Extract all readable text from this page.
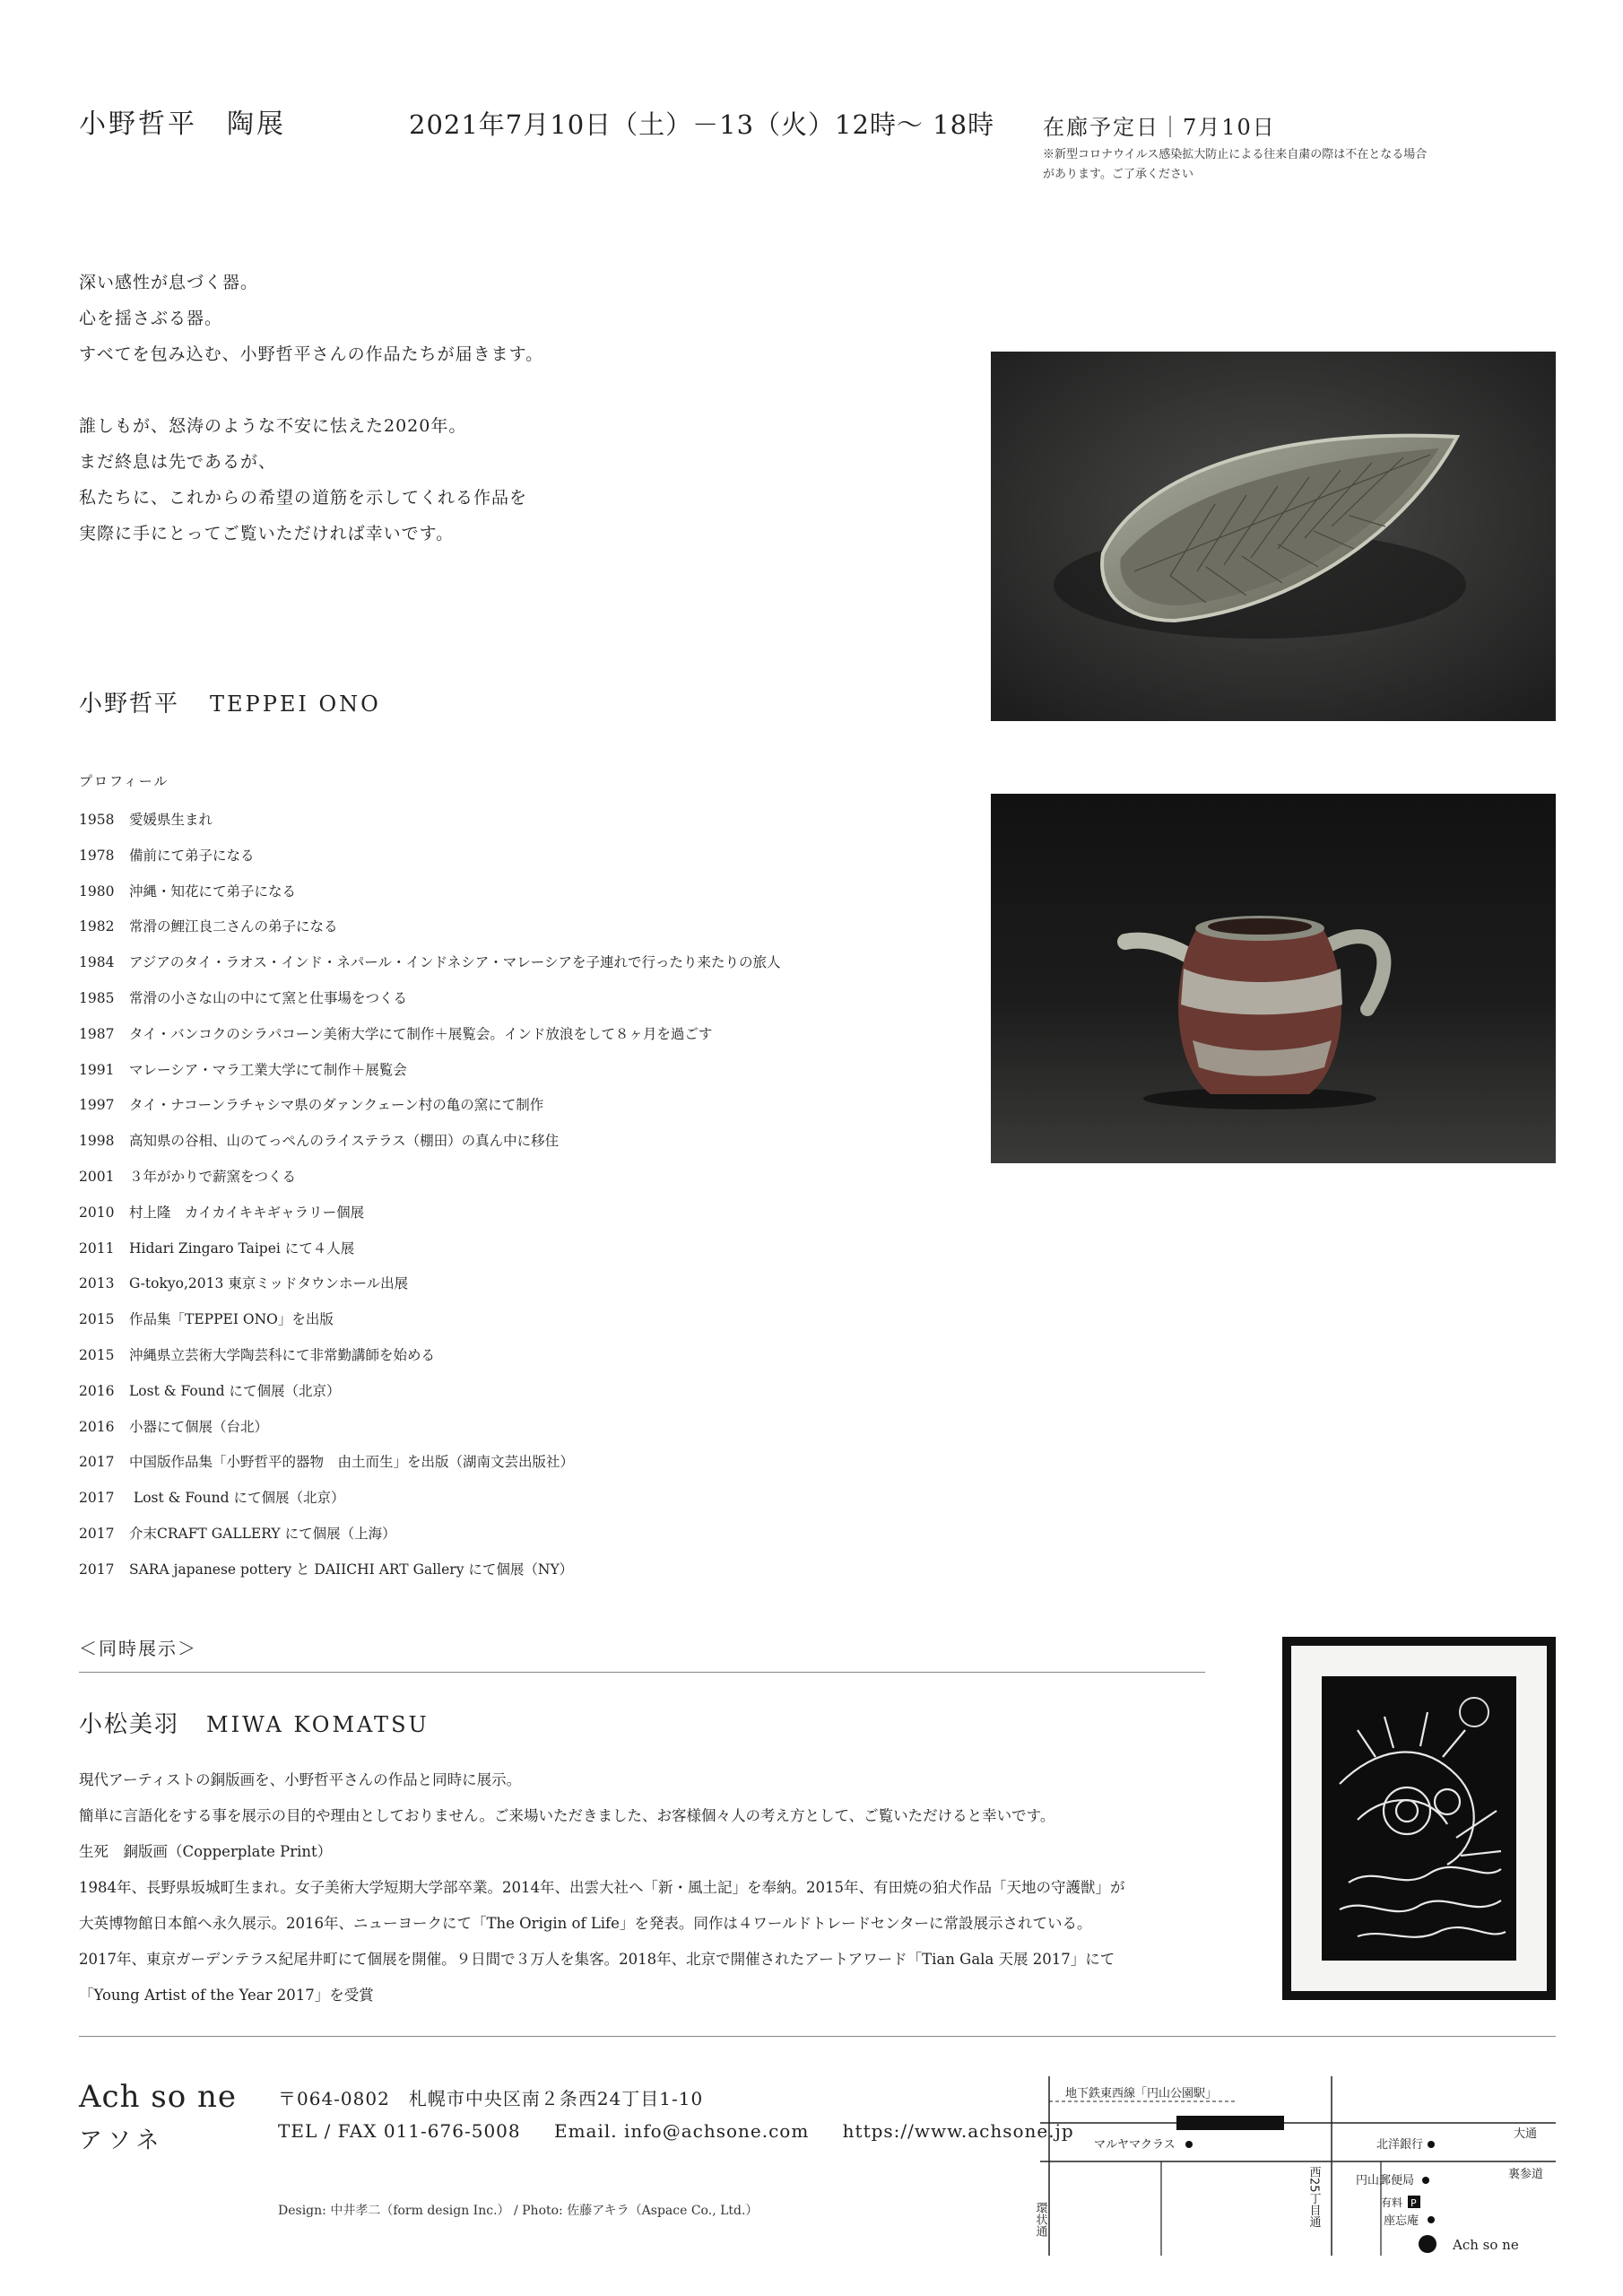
小野哲平　陶展	2021年7月10日（土）－13（火）12時～ 18時 在廊予定日｜7月10日
※新型コロナウイルス感染拡大防止による往来自粛の際は不在となる場合があります。ご了承ください

深い感性が息づく器。

心を揺さぶる器。

すべてを包み込む、小野哲平さんの作品たちが届きます。

誰しもが、怒涛のような不安に怯えた2020年。

まだ終息は先であるが、

私たちに、これからの希望の道筋を示してくれる作品を

実際に手にとってご覧いただければ幸いです。

小野哲平 TEPPEI ONO
プロフィール
1958 愛媛県生まれ
1978 備前にて弟子になる
1980 沖縄・知花にて弟子になる
1982 常滑の鯉江良二さんの弟子になる
1984 アジアのタイ・ラオス・インド・ネパール・インドネシア・マレーシアを子連れで行ったり来たりの旅人
1985 常滑の小さな山の中にて窯と仕事場をつくる
1987 タイ・バンコクのシラパコーン美術大学にて制作＋展覧会。インド放浪をして８ヶ月を過ごす
1991 マレーシア・マラ工業大学にて制作＋展覧会
1997 タイ・ナコーンラチャシマ県のダァンクェーン村の亀の窯にて制作
1998 高知県の谷相、山のてっぺんのライステラス（棚田）の真ん中に移住
2001 ３年がかりで薪窯をつくる
2010 村上隆　カイカイキキギャラリー個展
2011 Hidari Zingaro Taipei にて４人展
2013 G-tokyo,2013 東京ミッドタウンホール出展
2015 作品集「TEPPEI ONO」を出版
2015 沖縄県立芸術大学陶芸科にて非常勤講師を始める
2016 Lost & Found にて個展（北京）
2016 小器にて個展（台北）
2017 中国版作品集「小野哲平的器物　由土而生」を出版（湖南文芸出版社）
2017 Lost & Found にて個展（北京）
2017 介末CRAFT GALLERY にて個展（上海）
2017 SARA japanese pottery と DAIICHI ART Gallery にて個展（NY）
＜同時展示＞
小松美羽 MIWA KOMATSU

現代アーティストの銅版画を、小野哲平さんの作品と同時に展示。

簡単に言語化をする事を展示の目的や理由としておりません。ご来場いただきました、お客様個々人の考え方として、ご覧いただけると幸いです。

生死　銅版画（Copperplate Print）

1984年、長野県坂城町生まれ。女子美術大学短期大学部卒業。2014年、出雲大社へ「新・風土記」を奉納。2015年、有田焼の狛犬作品「天地の守護獣」が

大英博物館日本館へ永久展示。2016年、ニューヨークにて「The Origin of Life」を発表。同作は４ワールドトレードセンターに常設展示されている。

2017年、東京ガーデンテラス紀尾井町にて個展を開催。９日間で３万人を集客。2018年、北京で開催されたアートアワード「Tian Gala 天展 2017」にて

「Young Artist of the Year 2017」を受賞

Ach so ne
アソネ
〒064-0802　札幌市中央区南２条西24丁目1-10
TEL / FAX 011-676-5008 Email. info@achsone.com https://www.achsone.jp
Design: 中井孝二（form design Inc.） / Photo: 佐藤アキラ（Aspace Co., Ltd.）
地下鉄東西線「円山公園駅」
マルヤマクラス
大通
北洋銀行
裏参道
円山郵便局
有料 P
座忘庵
Ach so ne
環状通	西25丁目通
